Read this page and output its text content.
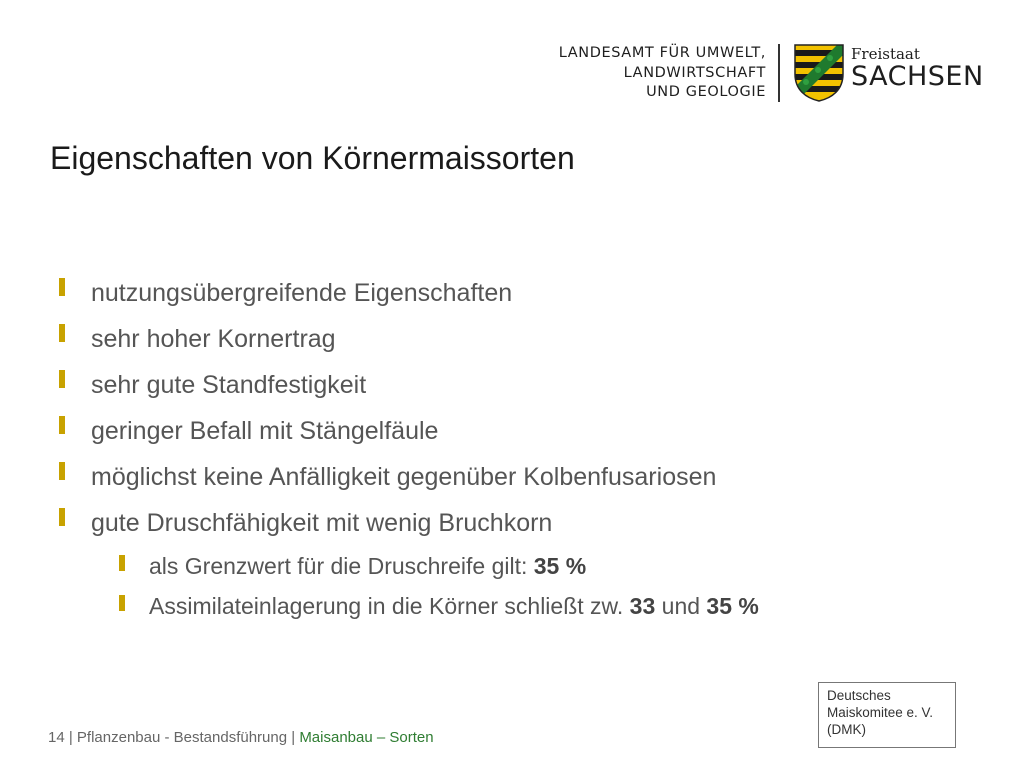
LANDESAMT FÜR UMWELT,
LANDWIRTSCHAFT
UND GEOLOGIE
Freistaat
SACHSEN
Eigenschaften von Körnermaissorten
nutzungsübergreifende Eigenschaften
sehr hoher Kornertrag
sehr gute Standfestigkeit
geringer Befall mit Stängelfäule
möglichst keine Anfälligkeit gegenüber Kolbenfusariosen
gute Druschfähigkeit mit wenig Bruchkorn
als Grenzwert für die Druschreife gilt: 35 %
Assimilateinlagerung in die Körner schließt zw. 33 und 35 %
Deutsches
Maiskomitee e. V.
(DMK)
14 | Pflanzenbau - Bestandsführung | Maisanbau – Sorten
